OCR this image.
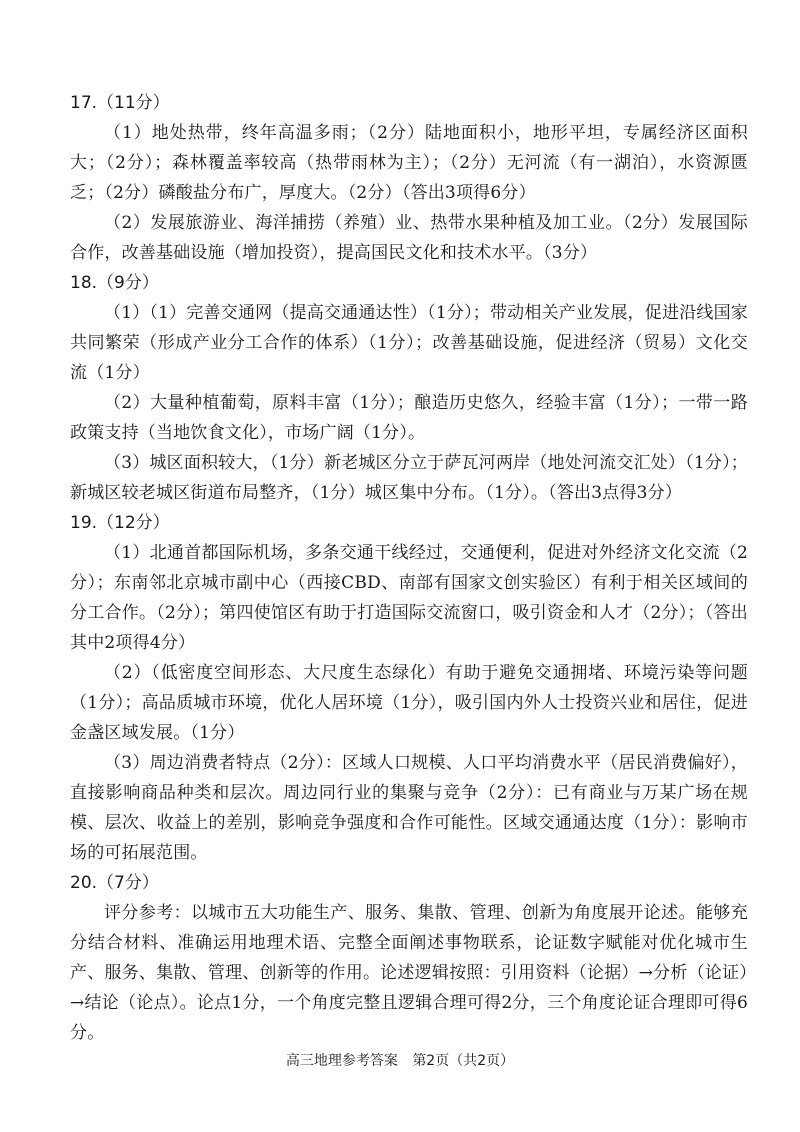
17.（11分）

（1）地处热带，终年高温多雨；（2分）陆地面积小，地形平坦，专属经济区面积大；（2分）；森林覆盖率较高（热带雨林为主）；（2分）无河流（有一湖泊），水资源匮乏；（2分）磷酸盐分布广，厚度大。（2分）（答出3项得6分）

（2）发展旅游业、海洋捕捞（养殖）业、热带水果种植及加工业。（2分）发展国际合作，改善基础设施（增加投资），提高国民文化和技术水平。（3分）

18.（9分）

（1）（1）完善交通网（提高交通通达性）（1分）；带动相关产业发展，促进沿线国家共同繁荣（形成产业分工合作的体系）（1分）；改善基础设施，促进经济（贸易）文化交流（1分）

（2）大量种植葡萄，原料丰富（1分）；酿造历史悠久，经验丰富（1分）；一带一路政策支持（当地饮食文化），市场广阔（1分）。

（3）城区面积较大，（1分）新老城区分立于萨瓦河两岸（地处河流交汇处）（1分）；新城区较老城区街道布局整齐，（1分）城区集中分布。（1分）。（答出3点得3分）

19.（12分）

（1）北通首都国际机场，多条交通干线经过，交通便利，促进对外经济文化交流（2分）；东南邻北京城市副中心（西接CBD、南部有国家文创实验区）有利于相关区域间的分工合作。（2分）；第四使馆区有助于打造国际交流窗口，吸引资金和人才（2分）；（答出其中2项得4分）

（2）（低密度空间形态、大尺度生态绿化）有助于避免交通拥堵、环境污染等问题（1分）；高品质城市环境，优化人居环境（1分），吸引国内外人士投资兴业和居住，促进金盏区域发展。（1分）

（3）周边消费者特点（2分）：区域人口规模、人口平均消费水平（居民消费偏好），直接影响商品种类和层次。周边同行业的集聚与竞争（2分）：已有商业与万某广场在规模、层次、收益上的差别，影响竞争强度和合作可能性。区域交通通达度（1分）：影响市场的可拓展范围。

20.（7分）

评分参考：以城市五大功能生产、服务、集散、管理、创新为角度展开论述。能够充分结合材料、准确运用地理术语、完整全面阐述事物联系，论证数字赋能对优化城市生产、服务、集散、管理、创新等的作用。论述逻辑按照：引用资料（论据）→分析（论证）→结论（论点）。论点1分，一个角度完整且逻辑合理可得2分，三个角度论证合理即可得6分。

高三地理参考答案 第2页（共2页）
